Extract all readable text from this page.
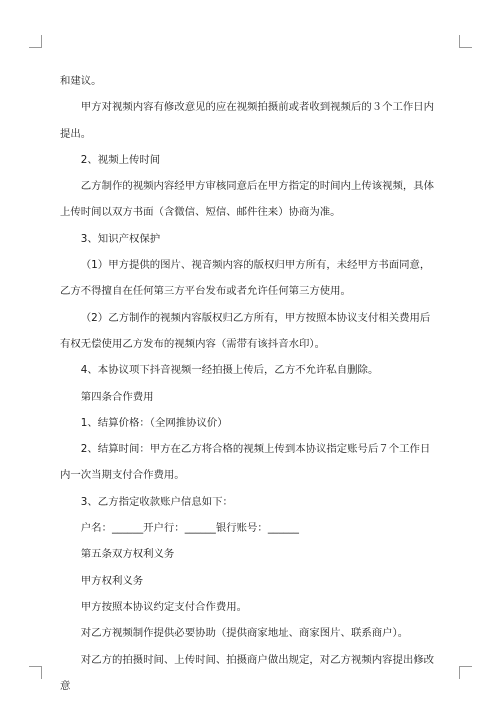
和建议。

甲方对视频内容有修改意见的应在视频拍摄前或者收到视频后的３个工作日内提出。

2、视频上传时间

乙方制作的视频内容经甲方审核同意后在甲方指定的时间内上传该视频，具体上传时间以双方书面（含微信、短信、邮件往来）协商为准。

3、知识产权保护

（1）甲方提供的图片、视音频内容的版权归甲方所有，未经甲方书面同意，乙方不得擅自在任何第三方平台发布或者允许任何第三方使用。

（2）乙方制作的视频内容版权归乙方所有，甲方按照本协议支付相关费用后有权无偿使用乙方发布的视频内容（需带有该抖音水印）。

4、本协议项下抖音视频一经拍摄上传后，乙方不允许私自删除。

第四条合作费用

1、结算价格：（全网推协议价）

2、结算时间：甲方在乙方将合格的视频上传到本协议指定账号后７个工作日内一次当期支付合作费用。

3、乙方指定收款账户信息如下：

户名：______开户行：______银行账号：______

第五条双方权利义务

甲方权利义务

甲方按照本协议约定支付合作费用。

对乙方视频制作提供必要协助（提供商家地址、商家图片、联系商户）。

对乙方的拍摄时间、上传时间、拍摄商户做出规定，对乙方视频内容提出修改意
